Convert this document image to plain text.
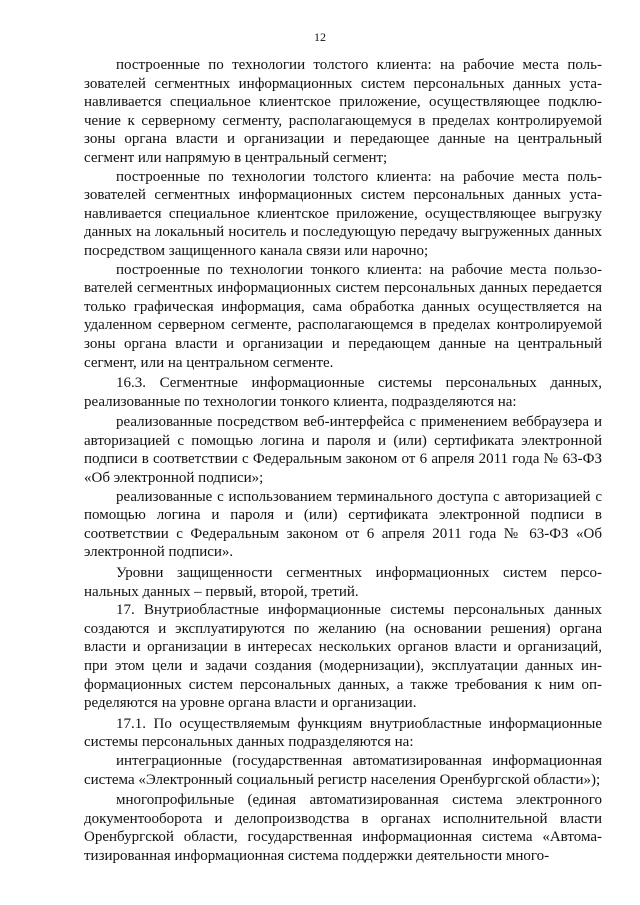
12

построенные по технологии толстого клиента: на рабочие места пользователей сегментных информационных систем персональных данных устанавливается специальное клиентское приложение, осуществляющее подключение к серверному сегменту, располагающемуся в пределах контролируемой зоны органа власти и организации и передающее данные на центральный сегмент или напрямую в центральный сегмент;

построенные по технологии толстого клиента: на рабочие места пользователей сегментных информационных систем персональных данных устанавливается специальное клиентское приложение, осуществляющее выгрузку данных на локальный носитель и последующую передачу выгруженных данных посредством защищенного канала связи или нарочно;

построенные по технологии тонкого клиента: на рабочие места пользователей сегментных информационных систем персональных данных передается только графическая информация, сама обработка данных осуществляется на удаленном серверном сегменте, располагающемся в пределах контролируемой зоны органа власти и организации и передающем данные на центральный сегмент, или на центральном сегменте.

16.3. Сегментные информационные системы персональных данных, реализованные по технологии тонкого клиента, подразделяются на:

реализованные посредством веб-интерфейса с применением веббраузера и авторизацией с помощью логина и пароля и (или) сертификата электронной подписи в соответствии с Федеральным законом от 6 апреля 2011 года № 63-ФЗ «Об электронной подписи»;

реализованные с использованием терминального доступа с авторизацией с помощью логина и пароля и (или) сертификата электронной подписи в соответствии с Федеральным законом от 6 апреля 2011 года № 63-ФЗ «Об электронной подписи».

Уровни защищенности сегментных информационных систем персональных данных – первый, второй, третий.

17. Внутриобластные информационные системы персональных данных создаются и эксплуатируются по желанию (на основании решения) органа власти и организации в интересах нескольких органов власти и организаций, при этом цели и задачи создания (модернизации), эксплуатации данных информационных систем персональных данных, а также требования к ним определяются на уровне органа власти и организации.

17.1. По осуществляемым функциям внутриобластные информационные системы персональных данных подразделяются на:

интеграционные (государственная автоматизированная информационная система «Электронный социальный регистр населения Оренбургской области»);

многопрофильные (единая автоматизированная система электронного документооборота и делопроизводства в органах исполнительной власти Оренбургской области, государственная информационная система «Автоматизированная информационная система поддержки деятельности много-
